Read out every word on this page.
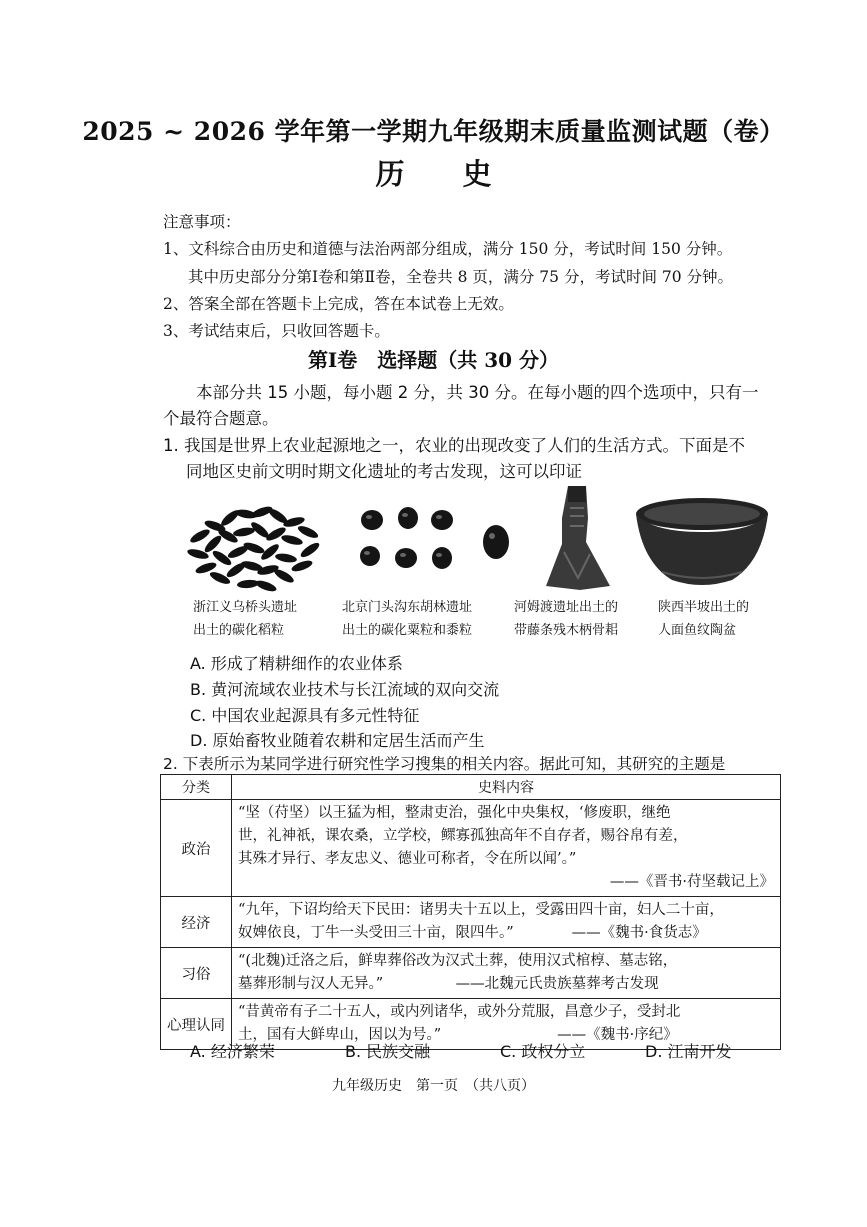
2025 ~ 2026 学年第一学期九年级期末质量监测试题（卷）
历 史
注意事项：
1、文科综合由历史和道德与法治两部分组成，满分 150 分，考试时间 150 分钟。
其中历史部分分第Ⅰ卷和第Ⅱ卷，全卷共 8 页，满分 75 分，考试时间 70 分钟。
2、答案全部在答题卡上完成，答在本试卷上无效。
3、考试结束后，只收回答题卡。
第Ⅰ卷　选择题（共 30 分）
本部分共 15 小题，每小题 2 分，共 30 分。在每小题的四个选项中，只有一
个最符合题意。
1. 我国是世界上农业起源地之一，农业的出现改变了人们的生活方式。下面是不
同地区史前文明时期文化遗址的考古发现，这可以印证
浙江义乌桥头遗址
出土的碳化稻粒
北京门头沟东胡林遗址
出土的碳化粟粒和黍粒
河姆渡遗址出土的
带藤条残木柄骨耜
陕西半坡出土的
人面鱼纹陶盆
A. 形成了精耕细作的农业体系
B. 黄河流域农业技术与长江流域的双向交流
C. 中国农业起源具有多元性特征
D. 原始畜牧业随着农耕和定居生活而产生
2. 下表所示为某同学进行研究性学习搜集的相关内容。据此可知，其研究的主题是
分类	史料内容
政治	“坚（苻坚）以王猛为相，整肃吏治，强化中央集权，‘修废职，继绝
世，礼神祇，课农桑，立学校，鳏寡孤独高年不自存者，赐谷帛有差，
其殊才异行、孝友忠义、德业可称者，令在所以闻’。”
——《晋书·苻坚载记上》

经济	“九年，下诏均给天下民田：诸男夫十五以上，受露田四十亩，妇人二十亩，
奴婢依良，丁牛一头受田三十亩，限四牛。”　　　　——《魏书·食货志》

习俗	“(北魏)迁洛之后，鲜卑葬俗改为汉式土葬，使用汉式棺椁、墓志铭，
墓葬形制与汉人无异。”　　　　　——北魏元氏贵族墓葬考古发现

心理认同	“昔黄帝有子二十五人，或内列诸华，或外分荒服，昌意少子，受封北
土，国有大鲜卑山，因以为号。”　　　　　　　　——《魏书·序纪》
A. 经济繁荣	B. 民族交融	C. 政权分立	D. 江南开发
九年级历史　第一页　（共八页）
